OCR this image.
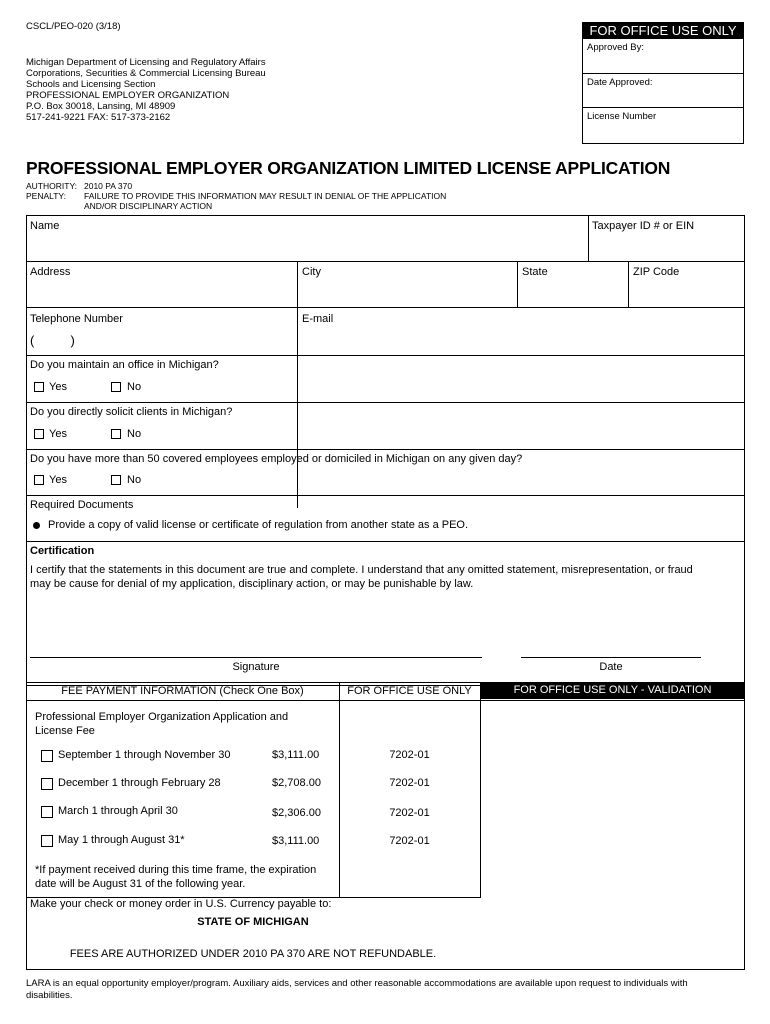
CSCL/PEO-020 (3/18)
Michigan Department of Licensing and Regulatory Affairs
Corporations, Securities & Commercial Licensing Bureau
Schools and Licensing Section
PROFESSIONAL EMPLOYER ORGANIZATION
P.O. Box 30018, Lansing, MI 48909
517-241-9221 FAX: 517-373-2162
FOR OFFICE USE ONLY
Approved By:
Date Approved:
License Number
PROFESSIONAL EMPLOYER ORGANIZATION LIMITED LICENSE APPLICATION
AUTHORITY: 2010 PA 370
PENALTY: FAILURE TO PROVIDE THIS INFORMATION MAY RESULT IN DENIAL OF THE APPLICATION
AND/OR DISCIPLINARY ACTION
Name	Taxpayer ID # or EIN
Address	City	State	ZIP Code
Telephone Number
(          )
E-mail
Do you maintain an office in Michigan?
Yes	No
Do you directly solicit clients in Michigan?
Yes	No
Do you have more than 50 covered employees employed or domiciled in Michigan on any given day?
Yes	No
Required Documents
Provide a copy of valid license or certificate of regulation from another state as a PEO.
Certification
I certify that the statements in this document are true and complete. I understand that any omitted statement, misrepresentation, or fraud
may be cause for denial of my application, disciplinary action, or may be punishable by law.
Signature	Date
FEE PAYMENT INFORMATION (Check One Box)	FOR OFFICE USE ONLY	FOR OFFICE USE ONLY - VALIDATION
Professional Employer Organization Application and
License Fee
September 1 through November 30	$3,111.00	7202-01
December 1 through February 28	$2,708.00	7202-01
March 1 through April 30	$2,306.00	7202-01
May 1 through August 31*	$3,111.00	7202-01
*If payment received during this time frame, the expiration
date will be August 31 of the following year.
Make your check or money order in U.S. Currency payable to:
STATE OF MICHIGAN
FEES ARE AUTHORIZED UNDER 2010 PA 370 ARE NOT REFUNDABLE.
LARA is an equal opportunity employer/program. Auxiliary aids, services and other reasonable accommodations are available upon request to individuals with
disabilities.
